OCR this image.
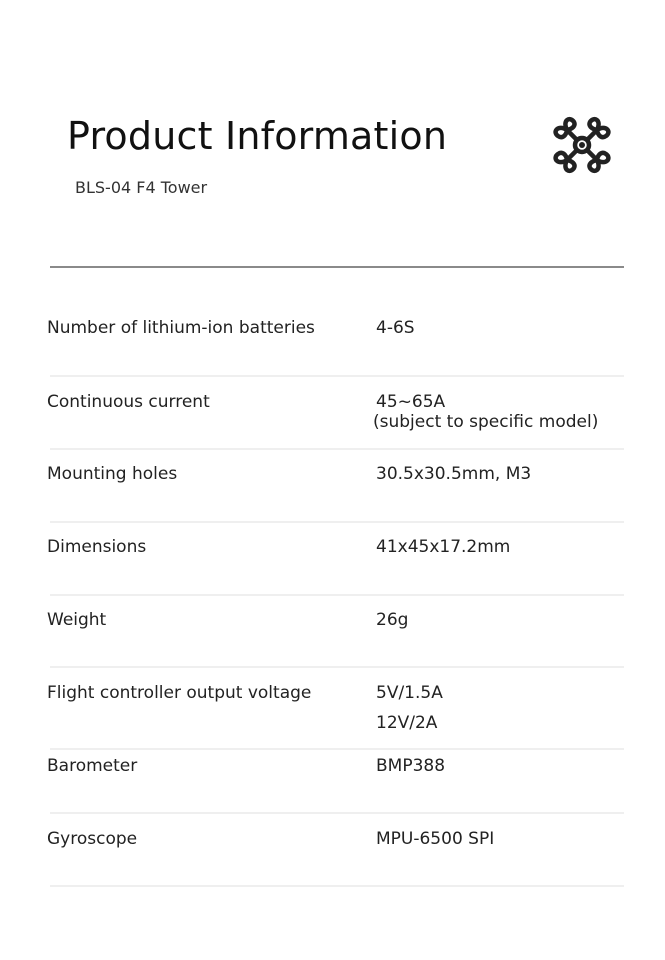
Product Information
BLS-04 F4 Tower
Number of lithium-ion batteries	4-6S
Continuous current	45~65A
(subject to specific model)
Mounting holes	30.5x30.5mm, M3
Dimensions	41x45x17.2mm
Weight	26g
Flight controller output voltage	5V/1.5A
12V/2A
Barometer	BMP388
Gyroscope	MPU-6500 SPI
